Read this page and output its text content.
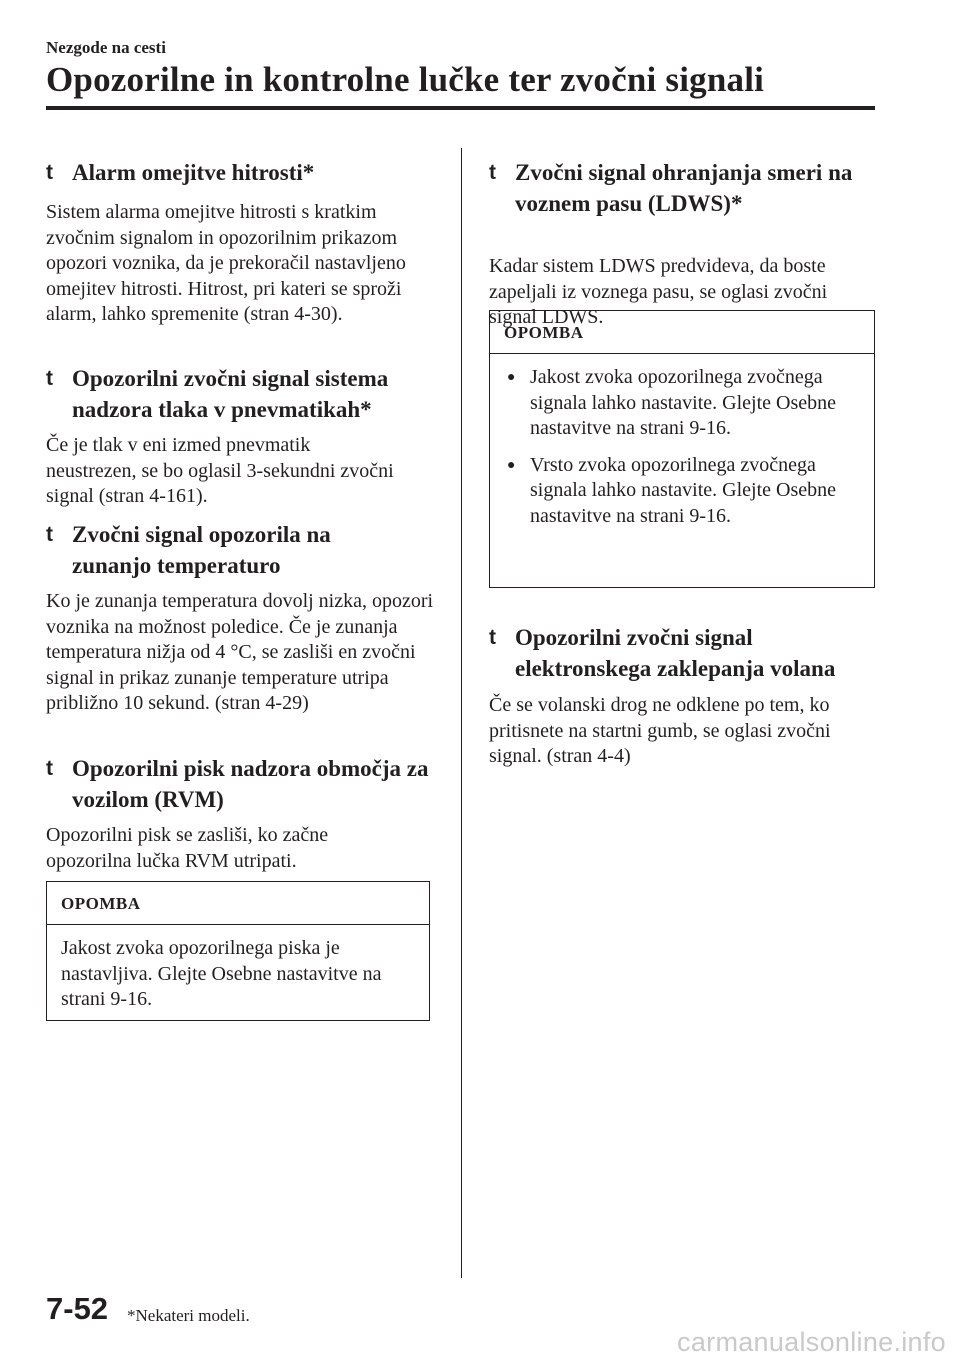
Nezgode na cesti
Opozorilne in kontrolne lučke ter zvočni signali
t Alarm omejitve hitrosti*

Sistem alarma omejitve hitrosti s kratkim zvočnim signalom in opozorilnim prikazom opozori voznika, da je prekoračil nastavljeno omejitev hitrosti. Hitrost, pri kateri se sproži alarm, lahko spremenite (stran 4-30).

t Opozorilni zvočni signal sistema nadzora tlaka v pnevmatikah*

Če je tlak v eni izmed pnevmatik neustrezen, se bo oglasil 3-sekundni zvočni signal (stran 4-161).

t Zvočni signal opozorila na zunanjo temperaturo

Ko je zunanja temperatura dovolj nizka, opozori voznika na možnost poledice. Če je zunanja temperatura nižja od 4 °C, se zasliši en zvočni signal in prikaz zunanje temperature utripa približno 10 sekund. (stran 4-29)

t Opozorilni pisk nadzora območja za vozilom (RVM)

Opozorilni pisk se zasliši, ko začne opozorilna lučka RVM utripati.

OPOMBA
Jakost zvoka opozorilnega piska je nastavljiva. Glejte Osebne nastavitve na strani 9-16.
t Zvočni signal ohranjanja smeri na voznem pasu (LDWS)*

Kadar sistem LDWS predvideva, da boste zapeljali iz voznega pasu, se oglasi zvočni signal LDWS.

OPOMBA
● Jakost zvoka opozorilnega zvočnega signala lahko nastavite. Glejte Osebne nastavitve na strani 9-16.
● Vrsto zvoka opozorilnega zvočnega signala lahko nastavite. Glejte Osebne nastavitve na strani 9-16.
t Opozorilni zvočni signal elektronskega zaklepanja volana

Če se volanski drog ne odklene po tem, ko pritisnete na startni gumb, se oglasi zvočni signal. (stran 4-4)

7-52 *Nekateri modeli.
carmanualsonline.info
